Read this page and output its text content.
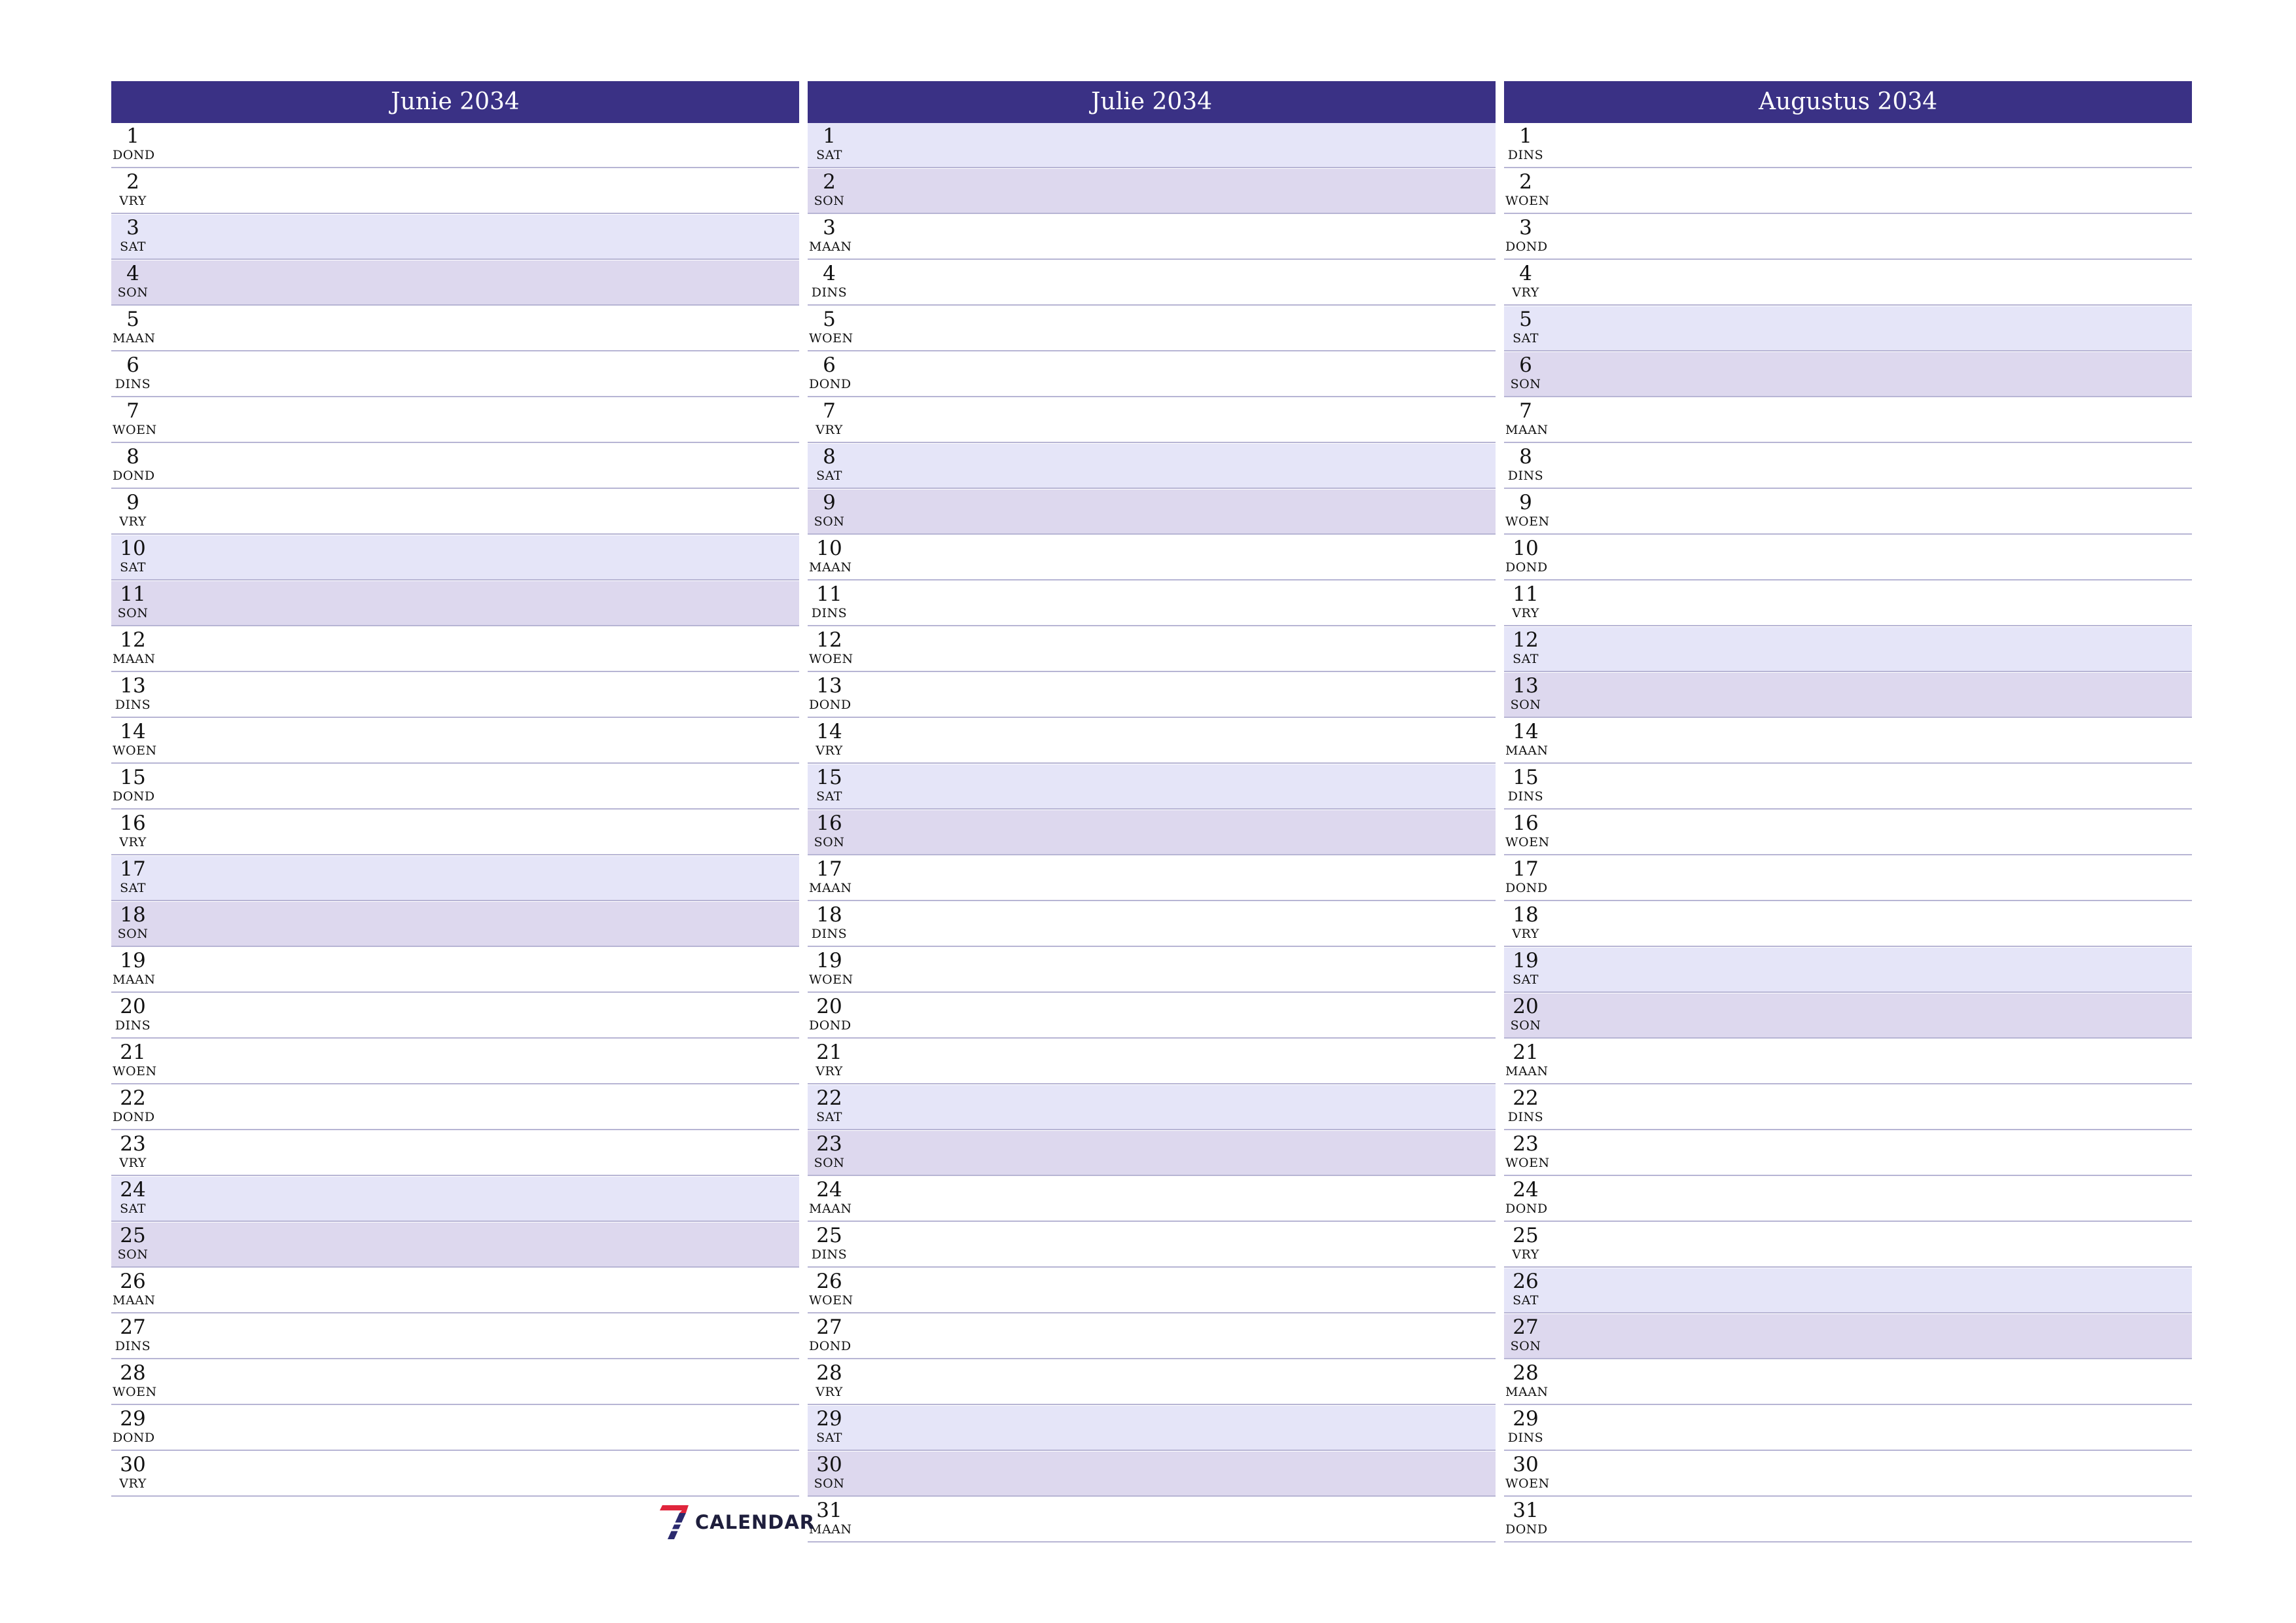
Junie 2034
1
DOND
2
VRY
3
SAT
4
SON
5
MAAN
6
DINS
7
WOEN
8
DOND
9
VRY
10
SAT
11
SON
12
MAAN
13
DINS
14
WOEN
15
DOND
16
VRY
17
SAT
18
SON
19
MAAN
20
DINS
21
WOEN
22
DOND
23
VRY
24
SAT
25
SON
26
MAAN
27
DINS
28
WOEN
29
DOND
30
VRY
Julie 2034
1
SAT
2
SON
3
MAAN
4
DINS
5
WOEN
6
DOND
7
VRY
8
SAT
9
SON
10
MAAN
11
DINS
12
WOEN
13
DOND
14
VRY
15
SAT
16
SON
17
MAAN
18
DINS
19
WOEN
20
DOND
21
VRY
22
SAT
23
SON
24
MAAN
25
DINS
26
WOEN
27
DOND
28
VRY
29
SAT
30
SON
31
MAAN
Augustus 2034
1
DINS
2
WOEN
3
DOND
4
VRY
5
SAT
6
SON
7
MAAN
8
DINS
9
WOEN
10
DOND
11
VRY
12
SAT
13
SON
14
MAAN
15
DINS
16
WOEN
17
DOND
18
VRY
19
SAT
20
SON
21
MAAN
22
DINS
23
WOEN
24
DOND
25
VRY
26
SAT
27
SON
28
MAAN
29
DINS
30
WOEN
31
DOND
CALENDAR
